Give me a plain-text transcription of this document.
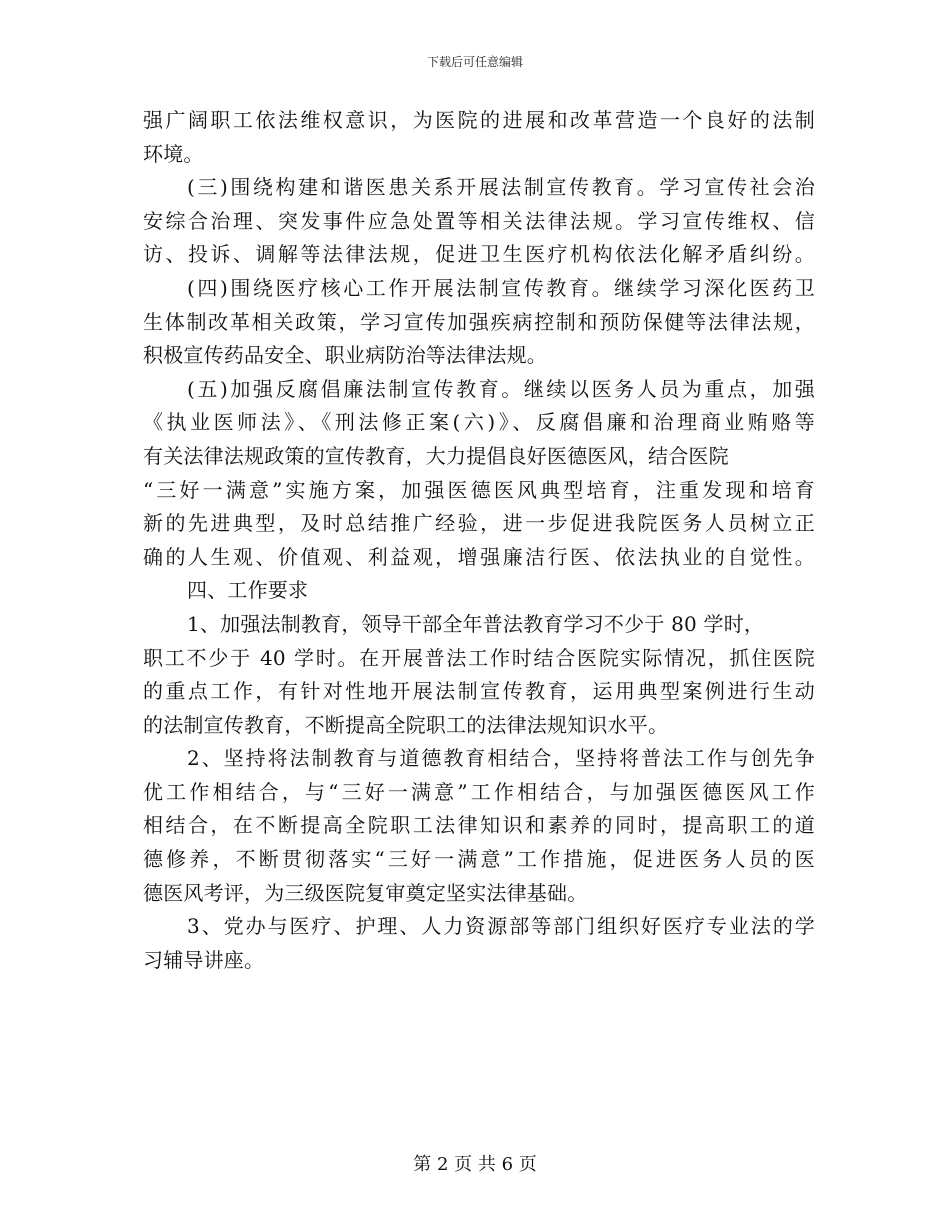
下载后可任意编辑
强广阔职工依法维权意识，为医院的进展和改革营造一个良好的法制
环境。
(三)围绕构建和谐医患关系开展法制宣传教育。学习宣传社会治
安综合治理、突发事件应急处置等相关法律法规。学习宣传维权、信
访、投诉、调解等法律法规，促进卫生医疗机构依法化解矛盾纠纷。
(四)围绕医疗核心工作开展法制宣传教育。继续学习深化医药卫
生体制改革相关政策，学习宣传加强疾病控制和预防保健等法律法规，
积极宣传药品安全、职业病防治等法律法规。
(五)加强反腐倡廉法制宣传教育。继续以医务人员为重点，加强
《执业医师法》、《刑法修正案(六)》、反腐倡廉和治理商业贿赂等
有关法律法规政策的宣传教育，大力提倡良好医德医风，结合医院
“三好一满意”实施方案，加强医德医风典型培育，注重发现和培育
新的先进典型，及时总结推广经验，进一步促进我院医务人员树立正
确的人生观、价值观、利益观，增强廉洁行医、依法执业的自觉性。
四、工作要求
1、加强法制教育，领导干部全年普法教育学习不少于 80 学时，
职工不少于 40 学时。在开展普法工作时结合医院实际情况，抓住医院
的重点工作，有针对性地开展法制宣传教育，运用典型案例进行生动
的法制宣传教育，不断提高全院职工的法律法规知识水平。
2、坚持将法制教育与道德教育相结合，坚持将普法工作与创先争
优工作相结合，与“三好一满意”工作相结合，与加强医德医风工作
相结合，在不断提高全院职工法律知识和素养的同时，提高职工的道
德修养，不断贯彻落实“三好一满意”工作措施，促进医务人员的医
德医风考评，为三级医院复审奠定坚实法律基础。
3、党办与医疗、护理、人力资源部等部门组织好医疗专业法的学
习辅导讲座。
第 2 页 共 6 页
